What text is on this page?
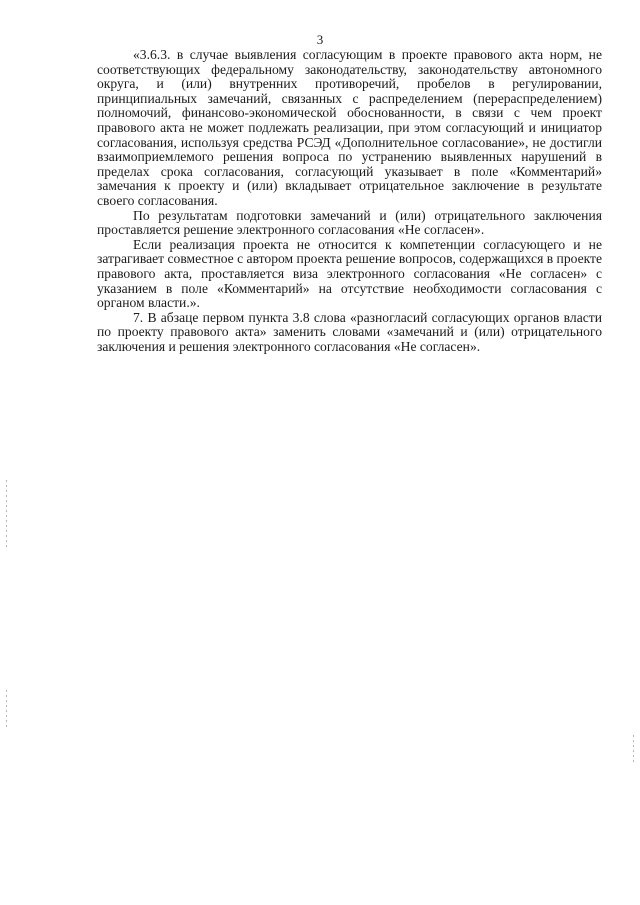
3

«3.6.3. в случае выявления согласующим в проекте правового акта норм, не соответствующих федеральному законодательству, законодательству автономного округа, и (или) внутренних противоречий, пробелов в регулировании, принципиальных замечаний, связанных с распределением (перераспределением) полномочий, финансово-экономической обоснованности, в связи с чем проект правового акта не может подлежать реализации, при этом согласующий и инициатор согласования, используя средства РСЭД «Дополнительное согласование», не достигли взаимоприемлемого решения вопроса по устранению выявленных нарушений в пределах срока согласования, согласующий указывает в поле «Комментарий» замечания к проекту и (или) вкладывает отрицательное заключение в результате своего согласования.

По результатам подготовки замечаний и (или) отрицательного заключения проставляется решение электронного согласования «Не согласен».

Если реализация проекта не относится к компетенции согласующего и не затрагивает совместное с автором проекта решение вопросов, содержащихся в проекте правового акта, проставляется виза электронного согласования «Не согласен» с указанием в поле «Комментарий» на отсутствие необходимости согласования с органом власти.».

7. В абзаце первом пункта 3.8 слова «разногласий согласующих органов власти по проекту правового акта» заменить словами «замечаний и (или) отрицательного заключения и решения электронного согласования «Не согласен».
